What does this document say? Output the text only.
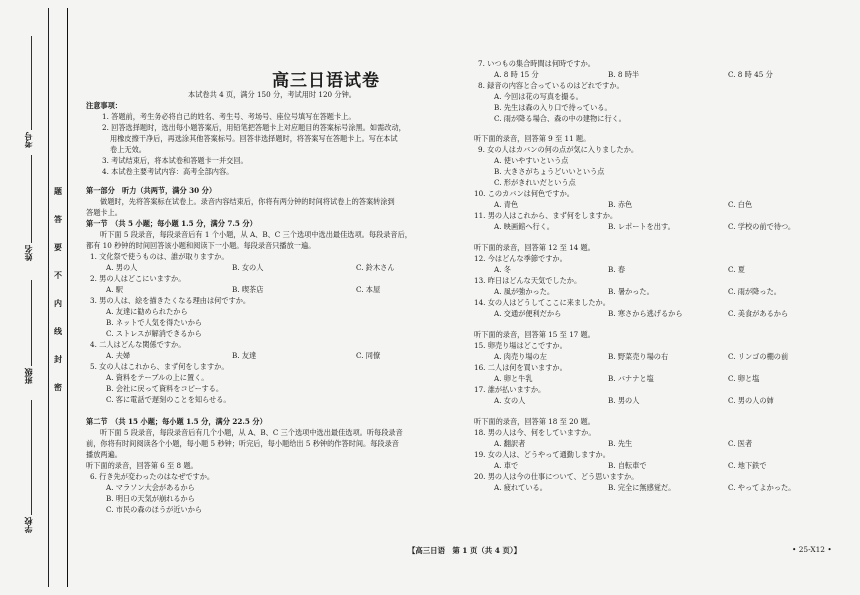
考号
姓名
班级
学校
题
答
要
不
内
线
封
密
高三日语试卷
本试卷共 4 页，满分 150 分，考试用时 120 分钟。
注意事项：
1. 答题前，考生务必将自己的姓名、考生号、考场号、座位号填写在答题卡上。
2. 回答选择题时，选出每小题答案后，用铅笔把答题卡上对应题目的答案标号涂黑。如需改动，
用橡皮擦干净后，再选涂其他答案标号。回答非选择题时，将答案写在答题卡上。写在本试
卷上无效。
3. 考试结束后，将本试卷和答题卡一并交回。
4. 本试卷主要考试内容：高考全部内容。
第一部分　听力（共两节，满分 30 分）
做题时，先将答案标在试卷上。录音内容结束后，你将有两分钟的时间将试卷上的答案转涂到
答题卡上。
第一节　（共 5 小题；每小题 1.5 分，满分 7.5 分）
听下面 5 段录音，每段录音后有 1 个小题，从 A、B、C 三个选项中选出最佳选项。每段录音后，
都有 10 秒钟的时间回答该小题和阅读下一小题。每段录音只播放一遍。
1. 文化祭で使うものは、誰が取りますか。
A. 男の人	B. 女の人	C. 鈴木さん
2. 男の人はどこにいますか。
A. 駅	B. 喫茶店	C. 本屋
3. 男の人は、絵を描きたくなる理由は何ですか。
A. 友達に勧められたから
B. ネットで人気を得たいから
C. ストレスが解消できるから
4. 二人はどんな関係ですか。
A. 夫婦	B. 友達	C. 同僚
5. 女の人はこれから、まず何をしますか。
A. 資料をテーブルの上に置く。
B. 会社に戻って資料をコピーする。
C. 客に電話で遅刻のことを知らせる。
第二节　（共 15 小题；每小题 1.5 分，满分 22.5 分）
听下面 5 段录音，每段录音后有几个小题，从 A、B、C 三个选项中选出最佳选项。听每段录音
前，你将有时间阅读各个小题，每小题 5 秒钟；听完后，每小题给出 5 秒钟的作答时间。每段录音
播放两遍。
听下面的录音，回答第 6 至 8 题。
6. 行き先が変わったのはなぜですか。
A. マラソン大会があるから
B. 明日の天気が崩れるから
C. 市民の森のほうが近いから
7. いつもの集合時間は何時ですか。
A. 8 時 15 分	B. 8 時半	C. 8 時 45 分
8. 録音の内容と合っているのはどれですか。
A. 今回は花の写真を撮る。
B. 先生は森の入り口で待っている。
C. 雨が降る場合、森の中の建物に行く。
听下面的录音，回答第 9 至 11 题。
9. 女の人はカバンの何の点が気に入りましたか。
A. 使いやすいという点
B. 大きさがちょうどいいという点
C. 形がきれいだという点
10. このカバンは何色ですか。
A. 青色	B. 赤色	C. 白色
11. 男の人はこれから、まず何をしますか。
A. 映画館へ行く。	B. レポートを出す。	C. 学校の前で待つ。
听下面的录音，回答第 12 至 14 题。
12. 今はどんな季節ですか。
A. 冬	B. 春	C. 夏
13. 昨日はどんな天気でしたか。
A. 風が強かった。	B. 暑かった。	C. 雨が降った。
14. 女の人はどうしてここに来ましたか。
A. 交通が便利だから	B. 寒さから逃げるから	C. 美食があるから
听下面的录音，回答第 15 至 17 题。
15. 卵売り場はどこですか。
A. 肉売り場の左	B. 野菜売り場の右	C. リンゴの棚の前
16. 二人は何を買いますか。
A. 卵と牛乳	B. バナナと塩	C. 卵と塩
17. 誰が払いますか。
A. 女の人	B. 男の人	C. 男の人の姉
听下面的录音，回答第 18 至 20 题。
18. 男の人は今、何をしていますか。
A. 翻訳者	B. 先生	C. 医者
19. 女の人は、どうやって通勤しますか。
A. 車で	B. 自転車で	C. 地下鉄で
20. 男の人は今の仕事について、どう思いますか。
A. 疲れている。	B. 完全に無感覚だ。	C. やってよかった。
【高三日语　第 1 页（共 4 页）】	• 25-X12 •
